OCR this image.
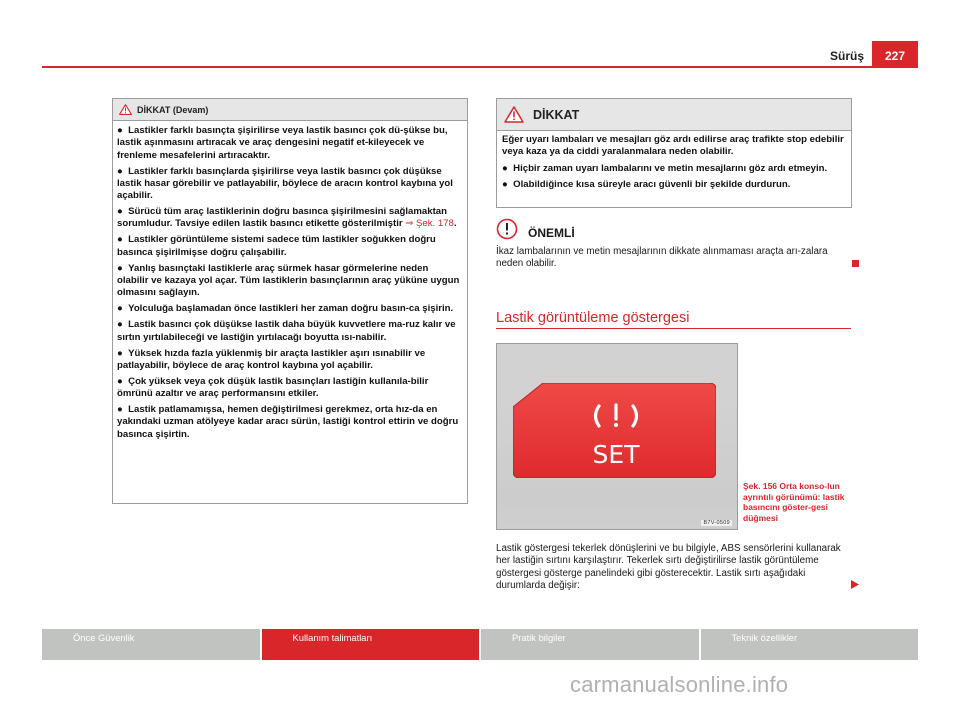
Sürüş	227
DİKKAT (Devam)

●  Lastikler farklı basınçta şişirilirse veya lastik basıncı çok dü-şükse bu, lastik aşınmasını artıracak ve araç dengesini negatif et-kileyecek ve frenleme mesafelerini artıracaktır.

●  Lastikler farklı basınçlarda şişirilirse veya lastik basıncı çok düşükse lastik hasar görebilir ve patlayabilir, böylece de aracın kontrol kaybına yol açabilir.

●  Sürücü tüm araç lastiklerinin doğru basınca şişirilmesini sağlamaktan sorumludur. Tavsiye edilen lastik basıncı etikette gösterilmiştir ⇒ Şek. 178.

●  Lastikler görüntüleme sistemi sadece tüm lastikler soğukken doğru basınca şişirilmişse doğru çalışabilir.

●  Yanlış basınçtaki lastiklerle araç sürmek hasar görmelerine neden olabilir ve kazaya yol açar. Tüm lastiklerin basınçlarının araç yüküne uygun olmasını sağlayın.

●  Yolculuğa başlamadan önce lastikleri her zaman doğru basın-ca şişirin.

●  Lastik basıncı çok düşükse lastik daha büyük kuvvetlere ma-ruz kalır ve sırtın yırtılabileceği ve lastiğin yırtılacağı boyutta ısı-nabilir.

●  Yüksek hızda fazla yüklenmiş bir araçta lastikler aşırı ısınabilir ve patlayabilir, böylece de araç kontrol kaybına yol açabilir.

●  Çok yüksek veya çok düşük lastik basınçları lastiğin kullanıla-bilir ömrünü azaltır ve araç performansını etkiler.

●  Lastik patlamamışsa, hemen değiştirilmesi gerekmez, orta hız-da en yakındaki uzman atölyeye kadar aracı sürün, lastiği kontrol ettirin ve doğru basınca şişirtin.

DİKKAT

Eğer uyarı lambaları ve mesajları göz ardı edilirse araç trafikte stop edebilir veya kaza ya da ciddi yaralanmalara neden olabilir.

●  Hiçbir zaman uyarı lambalarını ve metin mesajlarını göz ardı etmeyin.

●  Olabildiğince kısa süreyle aracı güvenli bir şekilde durdurun.

ÖNEMLİ
İkaz lambalarının ve metin mesajlarının dikkate alınmaması araçta arı-zalara neden olabilir.
Lastik görüntüleme göstergesi
SET
B7V-0509
Şek. 156 Orta konso-lun ayrıntılı görünümü: lastik basıncını göster-gesi düğmesi
Lastik göstergesi tekerlek dönüşlerini ve bu bilgiyle, ABS sensörlerini kullanarak her lastiğin sırtını karşılaştırır. Tekerlek sırtı değiştirilirse lastik görüntüleme göstergesi gösterge panelindeki gibi gösterecektir. Lastik sırtı aşağıdaki durumlarda değişir:
Önce Güvenlik	Kullanım talimatları	Pratik bilgiler	Teknik özellikler
carmanualsonline.info
